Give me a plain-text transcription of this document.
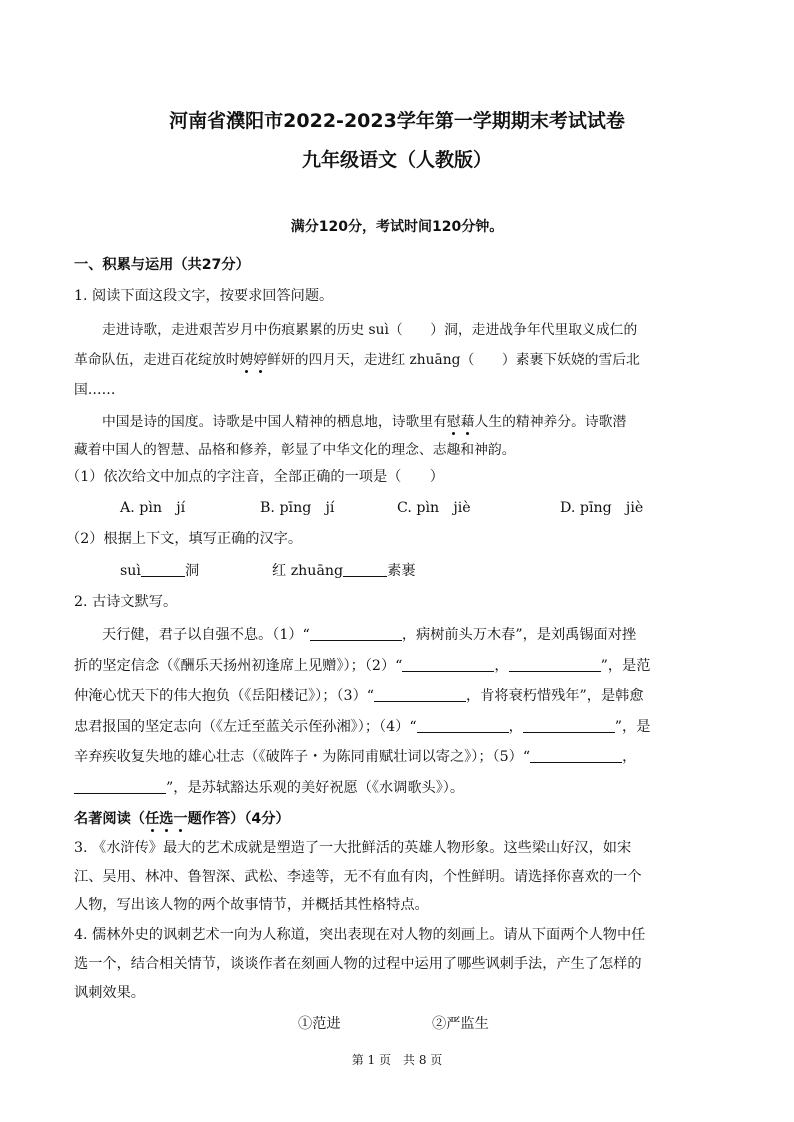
河南省濮阳市2022-2023学年第一学期期末考试试卷
九年级语文（人教版）
满分120分，考试时间120分钟。
一、积累与运用（共27分）
1. 阅读下面这段文字，按要求回答问题。
走进诗歌，走进艰苦岁月中伤痕累累的历史 suì（　　）洞，走进战争年代里取义成仁的
革命队伍，走进百花绽放时娉婷鲜妍的四月天，走进红 zhuāng（　　）素裹下妖娆的雪后北
国……
中国是诗的国度。诗歌是中国人精神的栖息地，诗歌里有慰藉人生的精神养分。诗歌潜
藏着中国人的智慧、品格和修养，彰显了中华文化的理念、志趣和神韵。
（1）依次给文中加点的字注音，全部正确的一项是（　　）
A. pìn　jí	B. pīng　jí	C. pìn　jiè	D. pīng　jiè
（2）根据上下文，填写正确的汉字。
suì	洞	红 zhuāng	素裹
2. 古诗文默写。
天行健，君子以自强不息。（1）“	，病树前头万木春”，是刘禹锡面对挫
折的坚定信念（《酬乐天扬州初逢席上见赠》）；（2）“	，	”，是范
仲淹心忧天下的伟大抱负（《岳阳楼记》）；（3）“	，肯将衰朽惜残年”，是韩愈
忠君报国的坚定志向（《左迁至蓝关示侄孙湘》）；（4）“	，	”，是
辛弃疾收复失地的雄心壮志（《破阵子・为陈同甫赋壮词以寄之》）；（5）“	，
”，是苏轼豁达乐观的美好祝愿（《水调歌头》）。
名著阅读（任选一题作答）（4分）
3. 《水浒传》最大的艺术成就是塑造了一大批鲜活的英雄人物形象。这些梁山好汉，如宋
江、吴用、林冲、鲁智深、武松、李逵等，无不有血有肉，个性鲜明。请选择你喜欢的一个
人物，写出该人物的两个故事情节，并概括其性格特点。
4. 儒林外史的讽刺艺术一向为人称道，突出表现在对人物的刻画上。请从下面两个人物中任
选一个，结合相关情节，谈谈作者在刻画人物的过程中运用了哪些讽刺手法，产生了怎样的
讽刺效果。
①范进	②严监生
第 1 页　共 8 页
